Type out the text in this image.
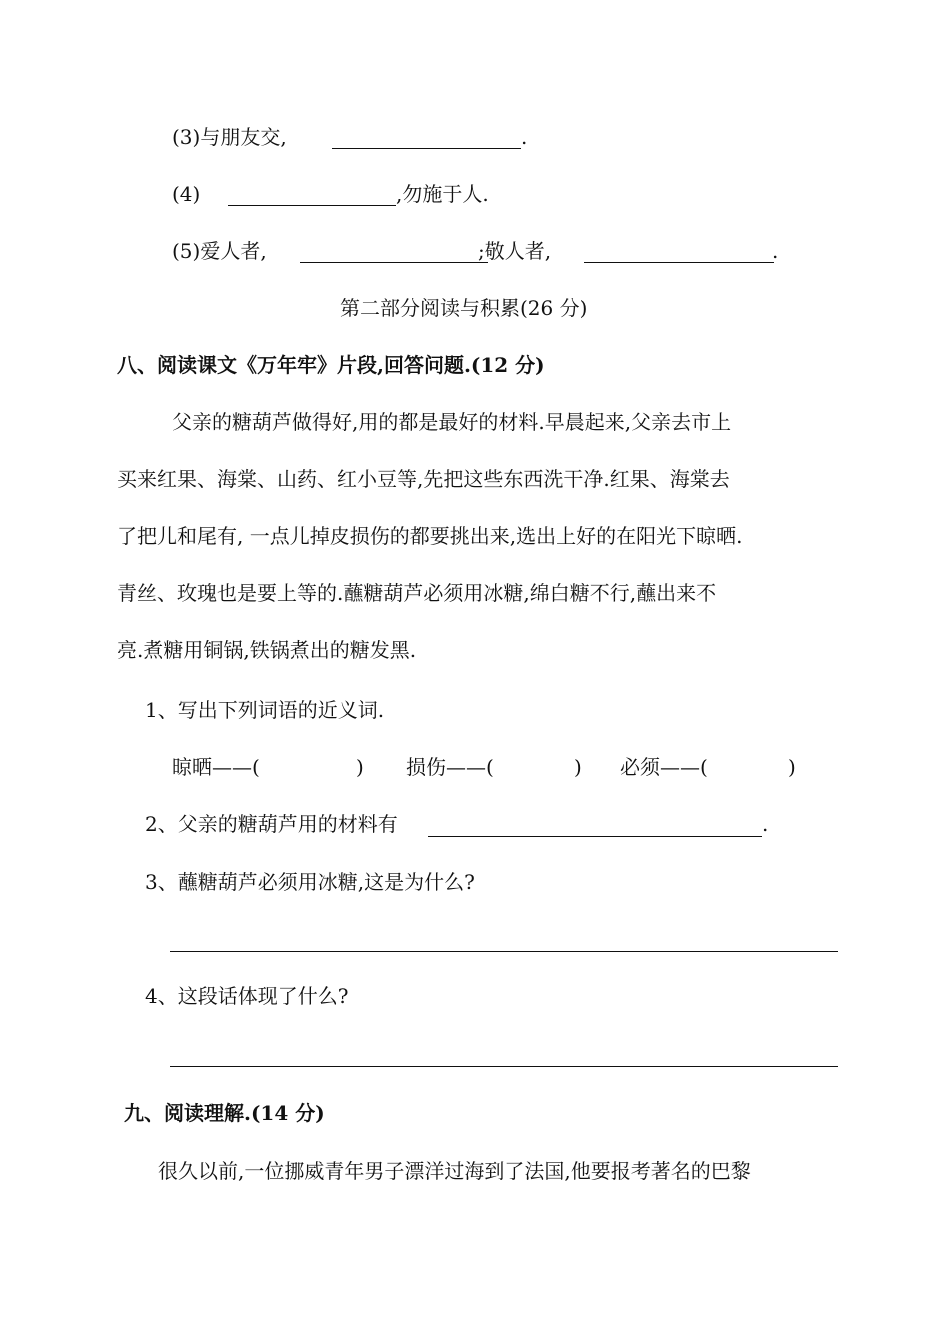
(3)与朋友交,	.
(4)	,勿施于人.
(5)爱人者,	;敬人者,	.
第二部分阅读与积累(26 分)
八、阅读课文《万年牢》片段,回答问题.(12 分)
父亲的糖葫芦做得好,用的都是最好的材料.早晨起来,父亲去市上
买来红果、海棠、山药、红小豆等,先把这些东西洗干净.红果、海棠去
了把儿和尾有, 一点儿掉皮损伤的都要挑出来,选出上好的在阳光下晾晒.
青丝、玫瑰也是要上等的.蘸糖葫芦必须用冰糖,绵白糖不行,蘸出来不
亮.煮糖用铜锅,铁锅煮出的糖发黑.
1、写出下列词语的近义词.
晾晒——(	) 损伤——(	) 必须——(	)
2、父亲的糖葫芦用的材料有	.
3、蘸糖葫芦必须用冰糖,这是为什么?
4、这段话体现了什么?
九、阅读理解.(14 分)
很久以前,一位挪威青年男子漂洋过海到了法国,他要报考著名的巴黎
